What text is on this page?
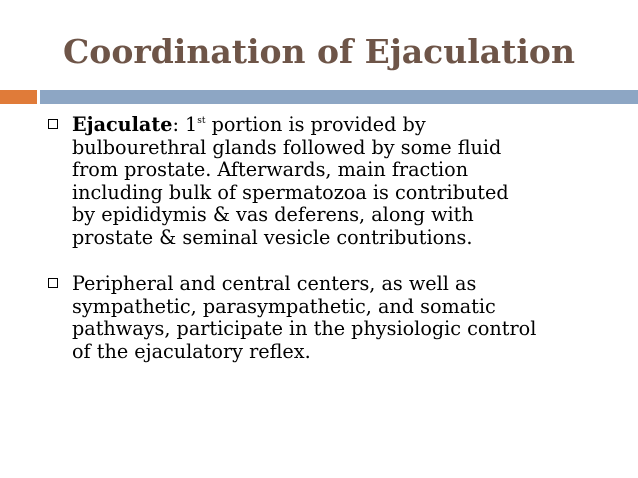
Coordination of Ejaculation
Ejaculate: 1st portion is provided by
bulbourethral glands followed by some fluid
from prostate. Afterwards, main fraction
including bulk of spermatozoa is contributed
by epididymis & vas deferens, along with
prostate & seminal vesicle contributions.
Peripheral and central centers, as well as
sympathetic, parasympathetic, and somatic
pathways, participate in the physiologic control
of the ejaculatory reflex.
